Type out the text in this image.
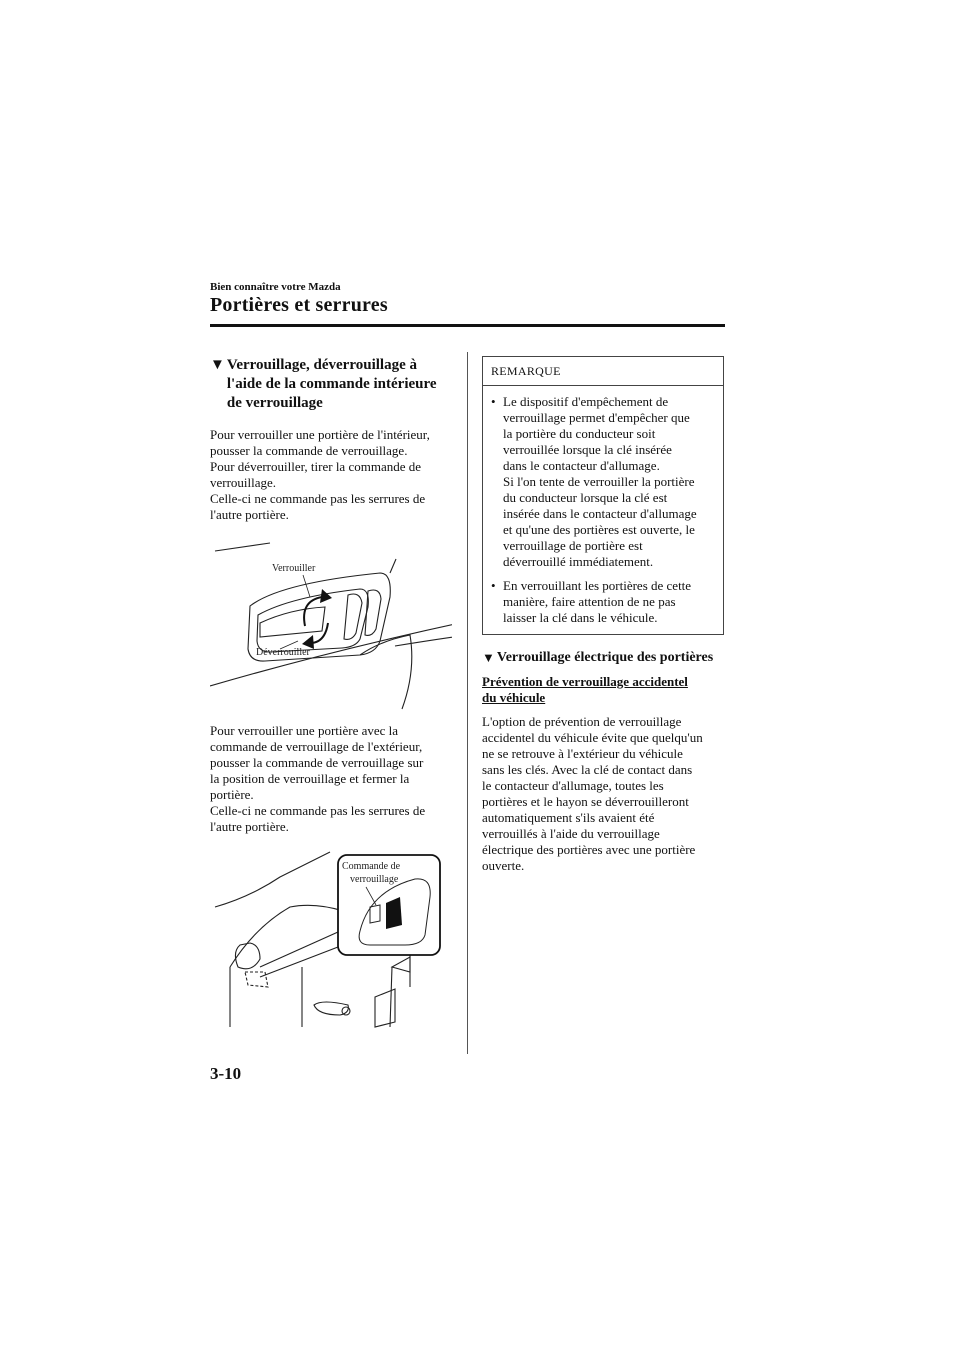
Bien connaître votre Mazda
Portières et serrures
▼ Verrouillage, déverrouillage à
l'aide de la commande intérieure
de verrouillage

Pour verrouiller une portière de l'intérieur,
pousser la commande de verrouillage.
Pour déverrouiller, tirer la commande de
verrouillage.
Celle-ci ne commande pas les serrures de
l'autre portière.

Verrouiller
Déverrouiller

Pour verrouiller une portière avec la
commande de verrouillage de l'extérieur,
pousser la commande de verrouillage sur
la position de verrouillage et fermer la
portière.
Celle-ci ne commande pas les serrures de
l'autre portière.

Commande de
verrouillage
REMARQUE
• Le dispositif d'empêchement de
verrouillage permet d'empêcher que
la portière du conducteur soit
verrouillée lorsque la clé insérée
dans le contacteur d'allumage.
Si l'on tente de verrouiller la portière
du conducteur lorsque la clé est
insérée dans le contacteur d'allumage
et qu'une des portières est ouverte, le
verrouillage de portière est
déverrouillé immédiatement.
• En verrouillant les portières de cette
manière, faire attention de ne pas
laisser la clé dans le véhicule.
▼ Verrouillage électrique des portières
Prévention de verrouillage accidentel
du véhicule

L'option de prévention de verrouillage
accidentel du véhicule évite que quelqu'un
ne se retrouve à l'extérieur du véhicule
sans les clés. Avec la clé de contact dans
le contacteur d'allumage, toutes les
portières et le hayon se déverrouilleront
automatiquement s'ils avaient été
verrouillés à l'aide du verrouillage
électrique des portières avec une portière
ouverte.

3-10
